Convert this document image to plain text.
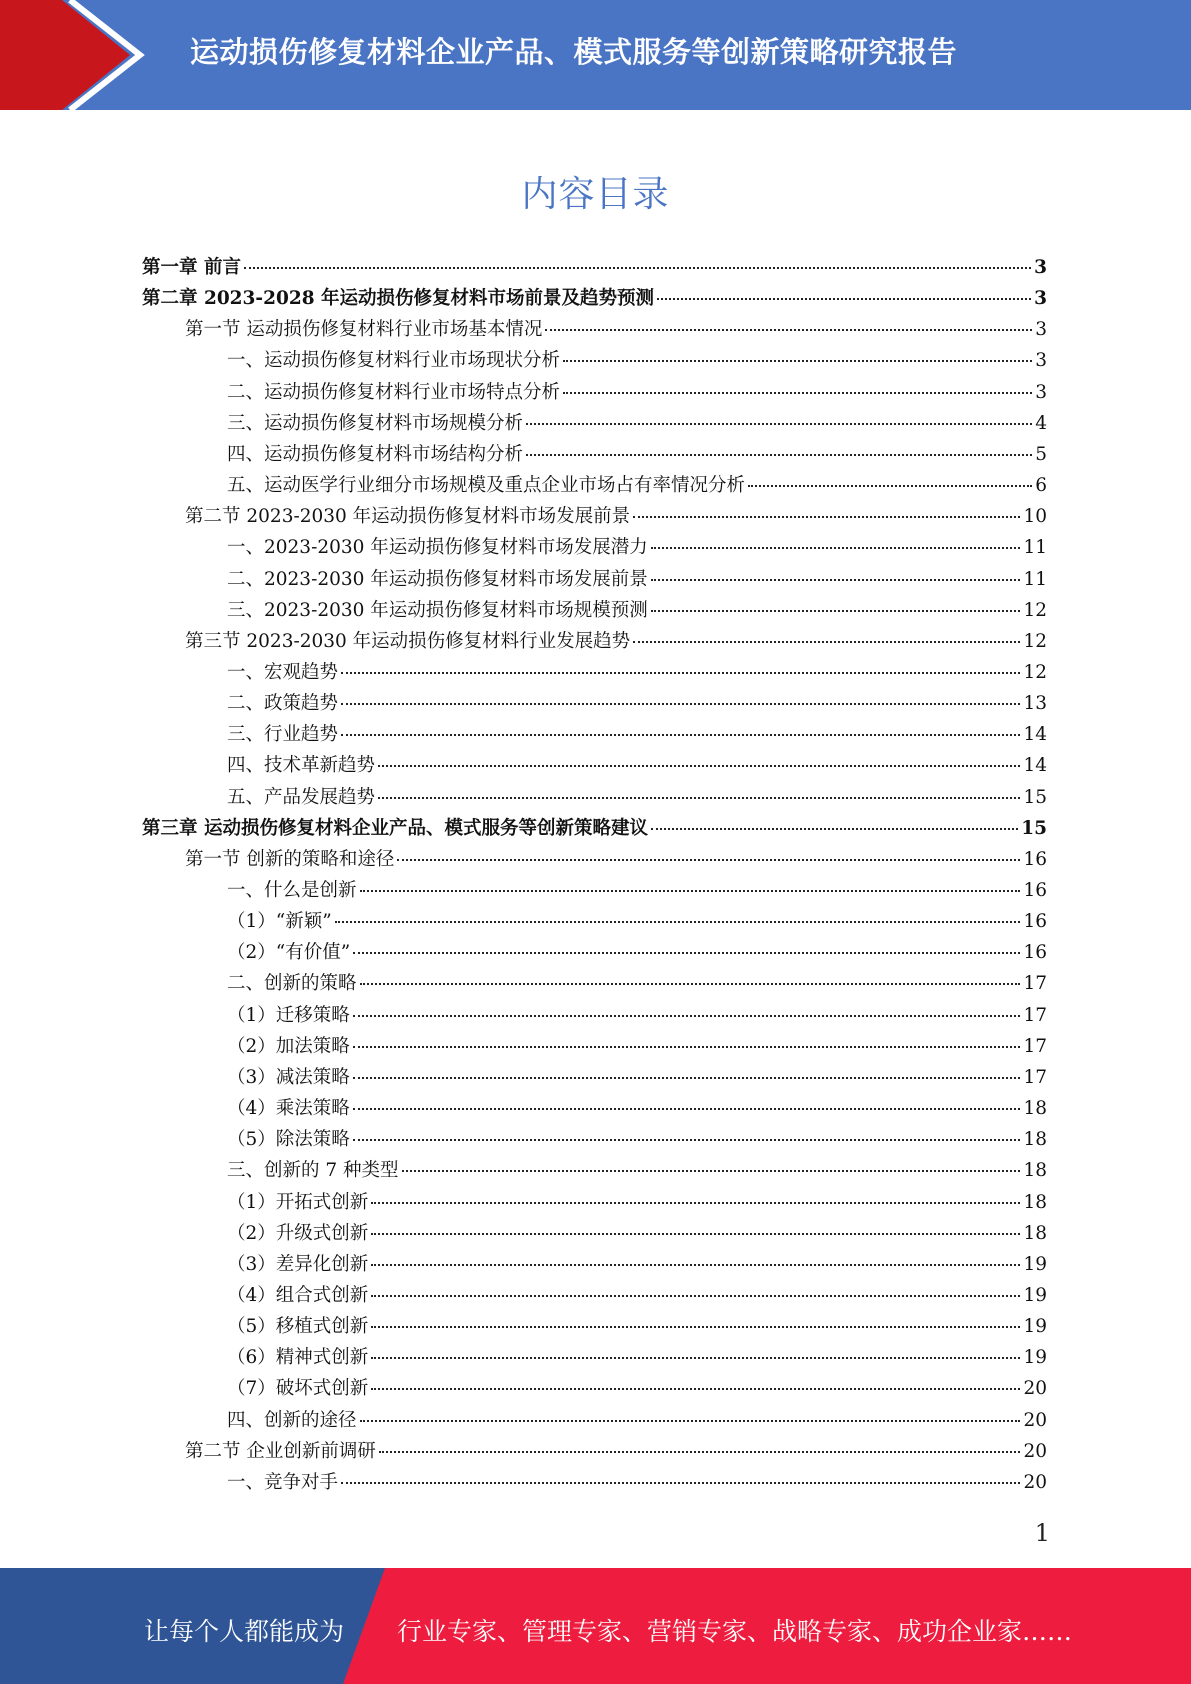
运动损伤修复材料企业产品、模式服务等创新策略研究报告
内容目录
第一章 前言	3
第二章 2023-2028 年运动损伤修复材料市场前景及趋势预测	3
第一节 运动损伤修复材料行业市场基本情况	3
一、运动损伤修复材料行业市场现状分析	3
二、运动损伤修复材料行业市场特点分析	3
三、运动损伤修复材料市场规模分析	4
四、运动损伤修复材料市场结构分析	5
五、运动医学行业细分市场规模及重点企业市场占有率情况分析	6
第二节 2023-2030 年运动损伤修复材料市场发展前景	10
一、2023-2030 年运动损伤修复材料市场发展潜力	11
二、2023-2030 年运动损伤修复材料市场发展前景	11
三、2023-2030 年运动损伤修复材料市场规模预测	12
第三节 2023-2030 年运动损伤修复材料行业发展趋势	12
一、宏观趋势	12
二、政策趋势	13
三、行业趋势	14
四、技术革新趋势	14
五、产品发展趋势	15
第三章 运动损伤修复材料企业产品、模式服务等创新策略建议	15
第一节 创新的策略和途径	16
一、什么是创新	16
（1）“新颖”	16
（2）“有价值”	16
二、创新的策略	17
（1）迁移策略	17
（2）加法策略	17
（3）减法策略	17
（4）乘法策略	18
（5）除法策略	18
三、创新的 7 种类型	18
（1）开拓式创新	18
（2）升级式创新	18
（3）差异化创新	19
（4）组合式创新	19
（5）移植式创新	19
（6）精神式创新	19
（7）破坏式创新	20
四、创新的途径	20
第二节 企业创新前调研	20
一、竞争对手	20
1
让每个人都能成为 行业专家、管理专家、营销专家、战略专家、成功企业家……
